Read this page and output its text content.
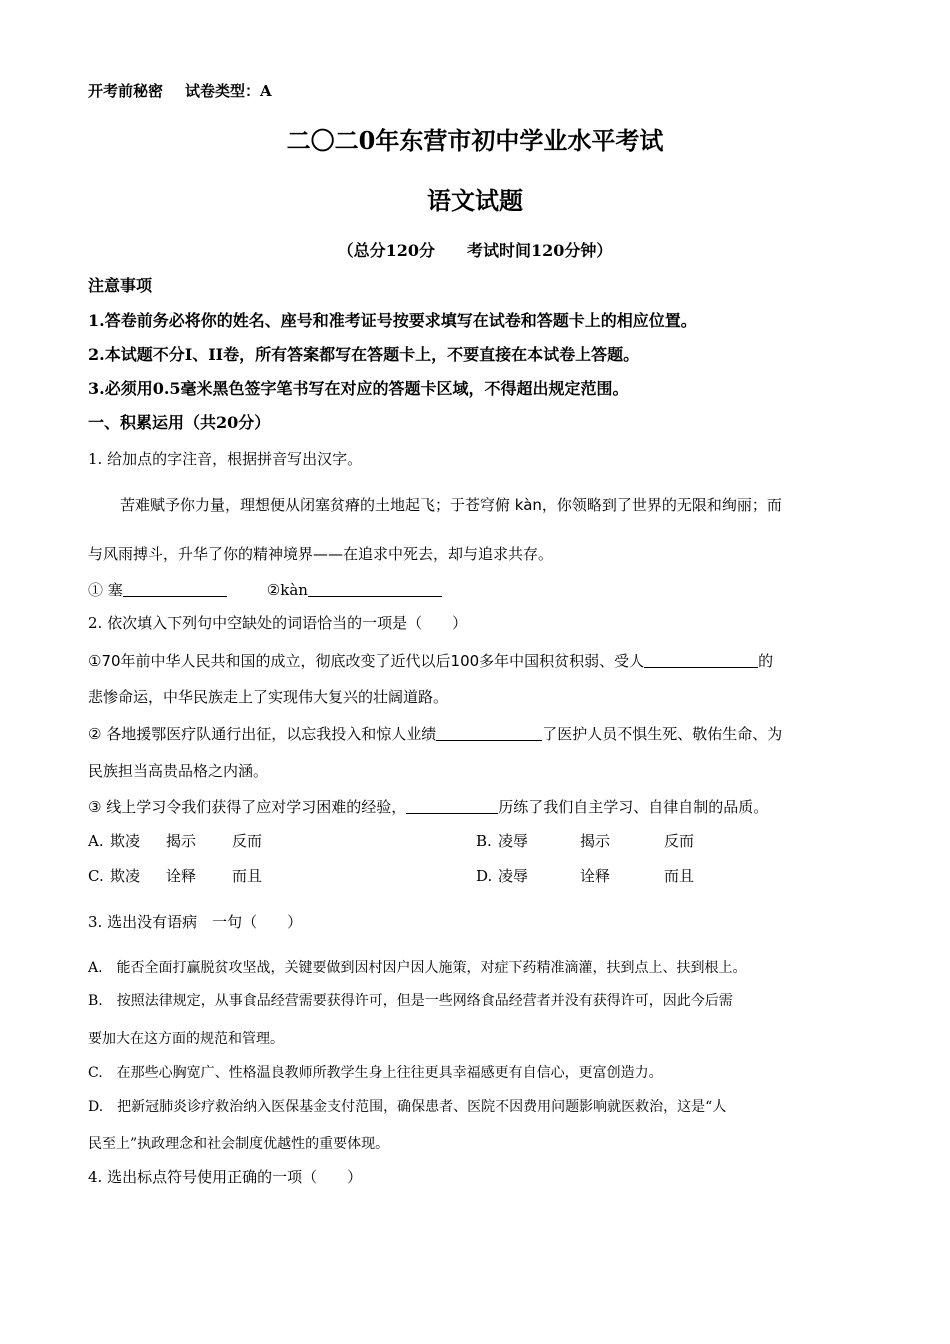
开考前秘密 试卷类型：A
二〇二0年东营市初中学业水平考试
语文试题
（总分120分　　考试时间120分钟）
注意事项
1.答卷前务必将你的姓名、座号和准考证号按要求填写在试卷和答题卡上的相应位置。
2.本试题不分I、II卷，所有答案都写在答题卡上，不要直接在本试卷上答题。
3.必须用0.5毫米黑色签字笔书写在对应的答题卡区域，不得超出规定范围。
一、积累运用（共20分）
1. 给加点的字注音，根据拼音写出汉字。
苦难赋予你力量，理想便从闭塞贫瘠的土地起飞；于苍穹俯 kàn，你领略到了世界的无限和绚丽；而
与风雨搏斗，升华了你的精神境界——在追求中死去，却与追求共存。
① 塞	②kàn
2. 依次填入下列句中空缺处的词语恰当的一项是（　　）
①70年前中华人民共和国的成立，彻底改变了近代以后100多年中国积贫积弱、受人	的
悲惨命运，中华民族走上了实现伟大复兴的壮阔道路。
② 各地援鄂医疗队通行出征，以忘我投入和惊人业绩	了医护人员不惧生死、敬佑生命、为
民族担当高贵品格之内涵。
③ 线上学习令我们获得了应对学习困难的经验，	历练了我们自主学习、自律自制的品质。
A. 欺凌 揭示 反而	B. 凌辱	揭示	反而
C. 欺凌 诠释 而且	D. 凌辱	诠释	而且
3. 选出没有语病　一句（　　）
A.　能否全面打赢脱贫攻坚战，关键要做到因村因户因人施策，对症下药精准滴灌，扶到点上、扶到根上。
B.　按照法律规定，从事食品经营需要获得许可，但是一些网络食品经营者并没有获得许可，因此今后需
要加大在这方面的规范和管理。
C.　在那些心胸宽广、性格温良教师所教学生身上往往更具幸福感更有自信心，更富创造力。
D.　把新冠肺炎诊疗救治纳入医保基金支付范围，确保患者、医院不因费用问题影响就医救治，这是“人
民至上”执政理念和社会制度优越性的重要体现。
4. 选出标点符号使用正确的一项（　　）
